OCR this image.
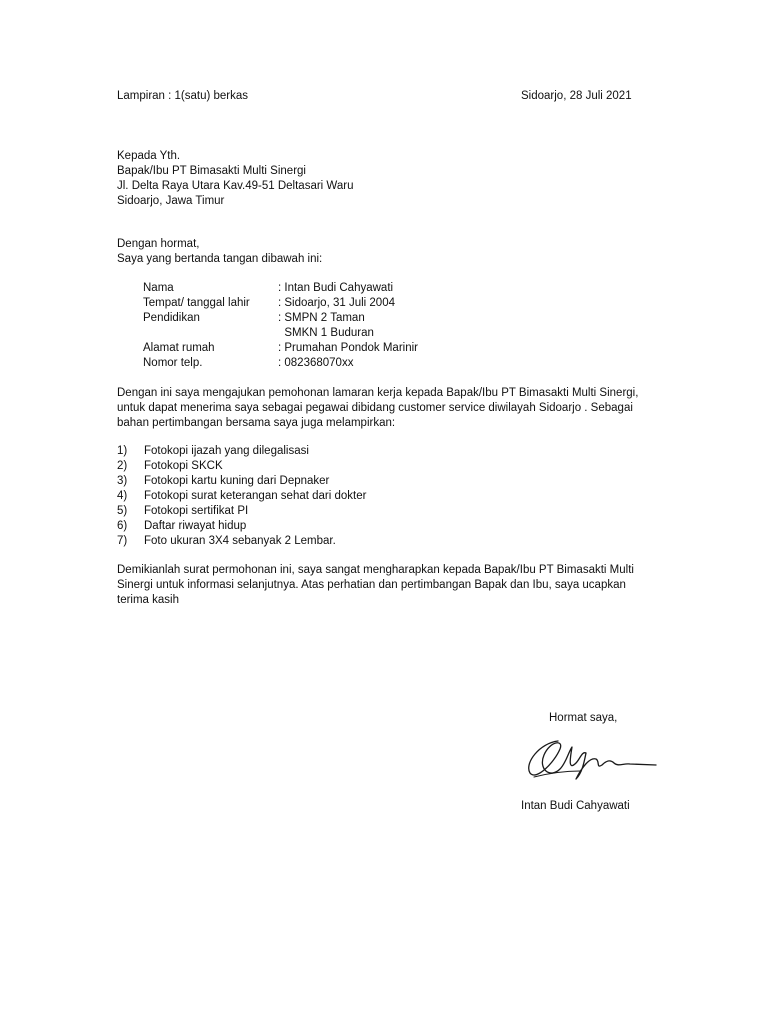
Lampiran : 1(satu) berkas	Sidoarjo, 28 Juli 2021
Kepada Yth.
Bapak/Ibu PT Bimasakti Multi Sinergi
Jl. Delta Raya Utara Kav.49-51 Deltasari Waru
Sidoarjo, Jawa Timur
Dengan hormat,
Saya yang bertanda tangan dibawah ini:
Nama	: Intan Budi Cahyawati
Tempat/ tanggal lahir : Sidoarjo, 31 Juli 2004
Pendidikan	: SMPN 2 Taman
SMKN 1 Buduran
Alamat rumah	: Prumahan Pondok Marinir
Nomor telp.	: 082368070xx
Dengan ini saya mengajukan pemohonan lamaran kerja kepada Bapak/Ibu PT Bimasakti Multi Sinergi,
untuk dapat menerima saya sebagai pegawai dibidang customer service diwilayah Sidoarjo . Sebagai
bahan pertimbangan bersama saya juga melampirkan:
1) Fotokopi ijazah yang dilegalisasi
2) Fotokopi SKCK
3) Fotokopi kartu kuning dari Depnaker
4) Fotokopi surat keterangan sehat dari dokter
5) Fotokopi sertifikat PI
6) Daftar riwayat hidup
7) Foto ukuran 3X4 sebanyak 2 Lembar.
Demikianlah surat permohonan ini, saya sangat mengharapkan kepada Bapak/Ibu PT Bimasakti Multi
Sinergi untuk informasi selanjutnya. Atas perhatian dan pertimbangan Bapak dan Ibu, saya ucapkan
terima kasih
Hormat saya,
Intan Budi Cahyawati
